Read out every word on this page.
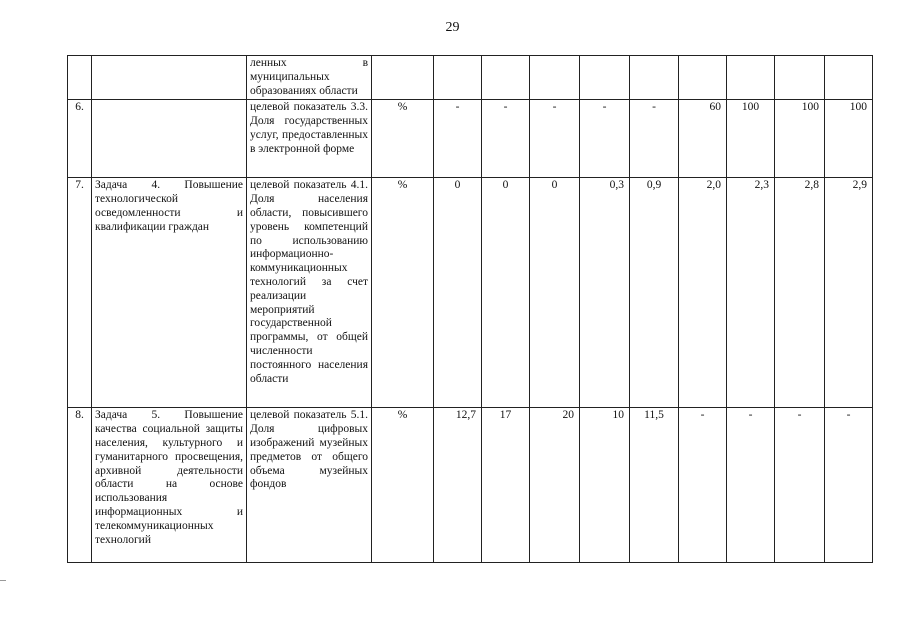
29
		ленных в муниципальных образованиях области										
6.		целевой показатель 3.3. Доля государственных услуг, предоставленных в электронной форме	%	-	-	-	-	-	60	100	100	100
7.	Задача 4. Повышение технологической осведомленности и квалификации граждан	целевой показатель 4.1. Доля населения области, повысившего уровень компетенций по использованию информационно-коммуникационных технологий за счет реализации мероприятий государственной программы, от общей численности постоянного населения области	%	0	0	0	0,3	0,9	2,0	2,3	2,8	2,9
8.	Задача 5. Повышение качества социальной защиты населения, культурного и гуманитарного просвещения, архивной деятельности области на основе использования информационных и телекоммуникационных технологий	целевой показатель 5.1. Доля цифровых изображений музейных предметов от общего объема музейных фондов	%	12,7	17	20	10	11,5	-	-	-	-
